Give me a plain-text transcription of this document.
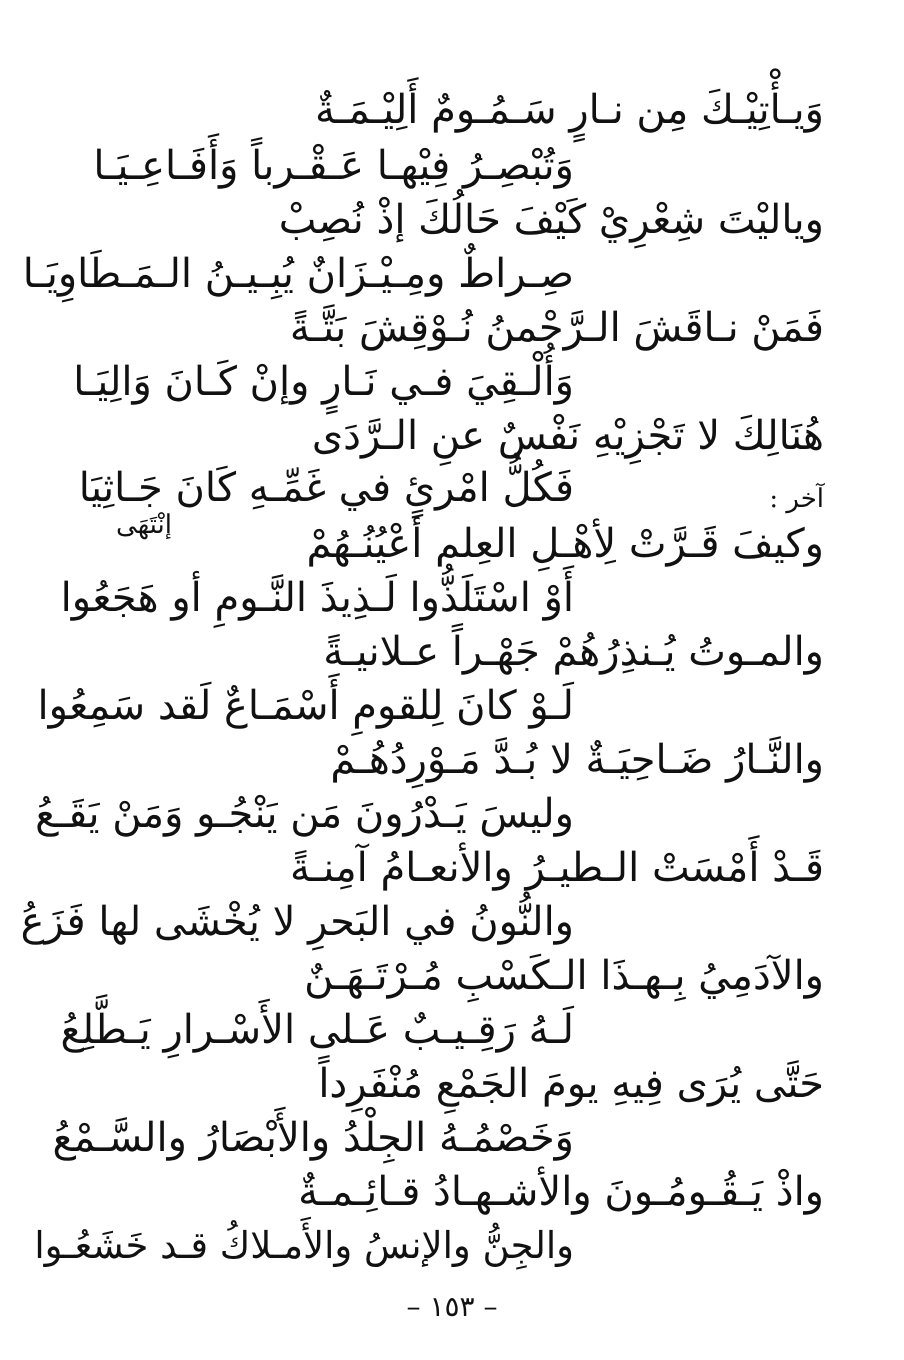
وَيـأْتِيْـكَ مِن نـارٍ سَـمُـومٌ أَلِيْـمَـةٌ
وَتُبْصِـرُ فِيْهـا عَـقْـرباً وَأَفَـاعِـيَـا
وياليْتَ شِعْرِيْ كَيْفَ حَالُكَ إذْ نُصِبْ
صِـراطٌ ومِـيْـزَانٌ يُبِـيـنُ الـمَـطَاوِيَـا
فَمَنْ نـاقَشَ الـرَّحْمنُ نُـوْقِشَ بَتَّـةً
وَأُلْـقِيَ فـي نَـارٍ وإنْ كَـانَ وَالِيَـا
هُنَالِكَ لا تَجْزِيْهِ نَفْسٌ عنِ الـرَّدَى
فَكُلُّ امْرئٍ في غَمِّـهِ كَانَ جَـاثِيَا	آخر :
إنْتَهَى	وكيفَ قَـرَّتْ لِأهْـلِ العِلم أعْيُنُـهُمْ
أَوْ اسْتَلَذُّوا لَـذِيذَ النَّـومِ أو هَجَعُوا
والمـوتُ يُـنذِرُهُمْ جَهْـراً عـلانيـةً
لَـوْ كانَ لِلقومِ أَسْمَـاعٌ لَقد سَمِعُوا
والنَّـارُ ضَـاحِيَـةٌ لا بُـدَّ مَـوْرِدُهُـمْ
وليسَ يَـدْرُونَ مَن يَنْجُـو وَمَنْ يَقَـعُ
قَـدْ أَمْسَتْ الـطيـرُ والأنعـامُ آمِنـةً
والنُّونُ في البَحرِ لا يُخْشَى لها فَزَعُ
والآدَمِيُ بِـهـذَا الـكَسْبِ مُـرْتَـهَـنٌ
لَـهُ رَقِـيـبٌ عَـلى الأَسْـرارِ يَـطَّلِعُ
حَتَّى يُرَى فِيهِ يومَ الجَمْعِ مُنْفَرِداً
وَخَصْمُـهُ الجِلْدُ والأَبْصَارُ والسَّـمْعُ
واذْ يَـقُـومُـونَ والأشـهـادُ قـائِـمـةٌ
والجِنُّ والإنسُ والأَمـلاكُ قـد خَشَعُـوا
– ١٥٣ –
